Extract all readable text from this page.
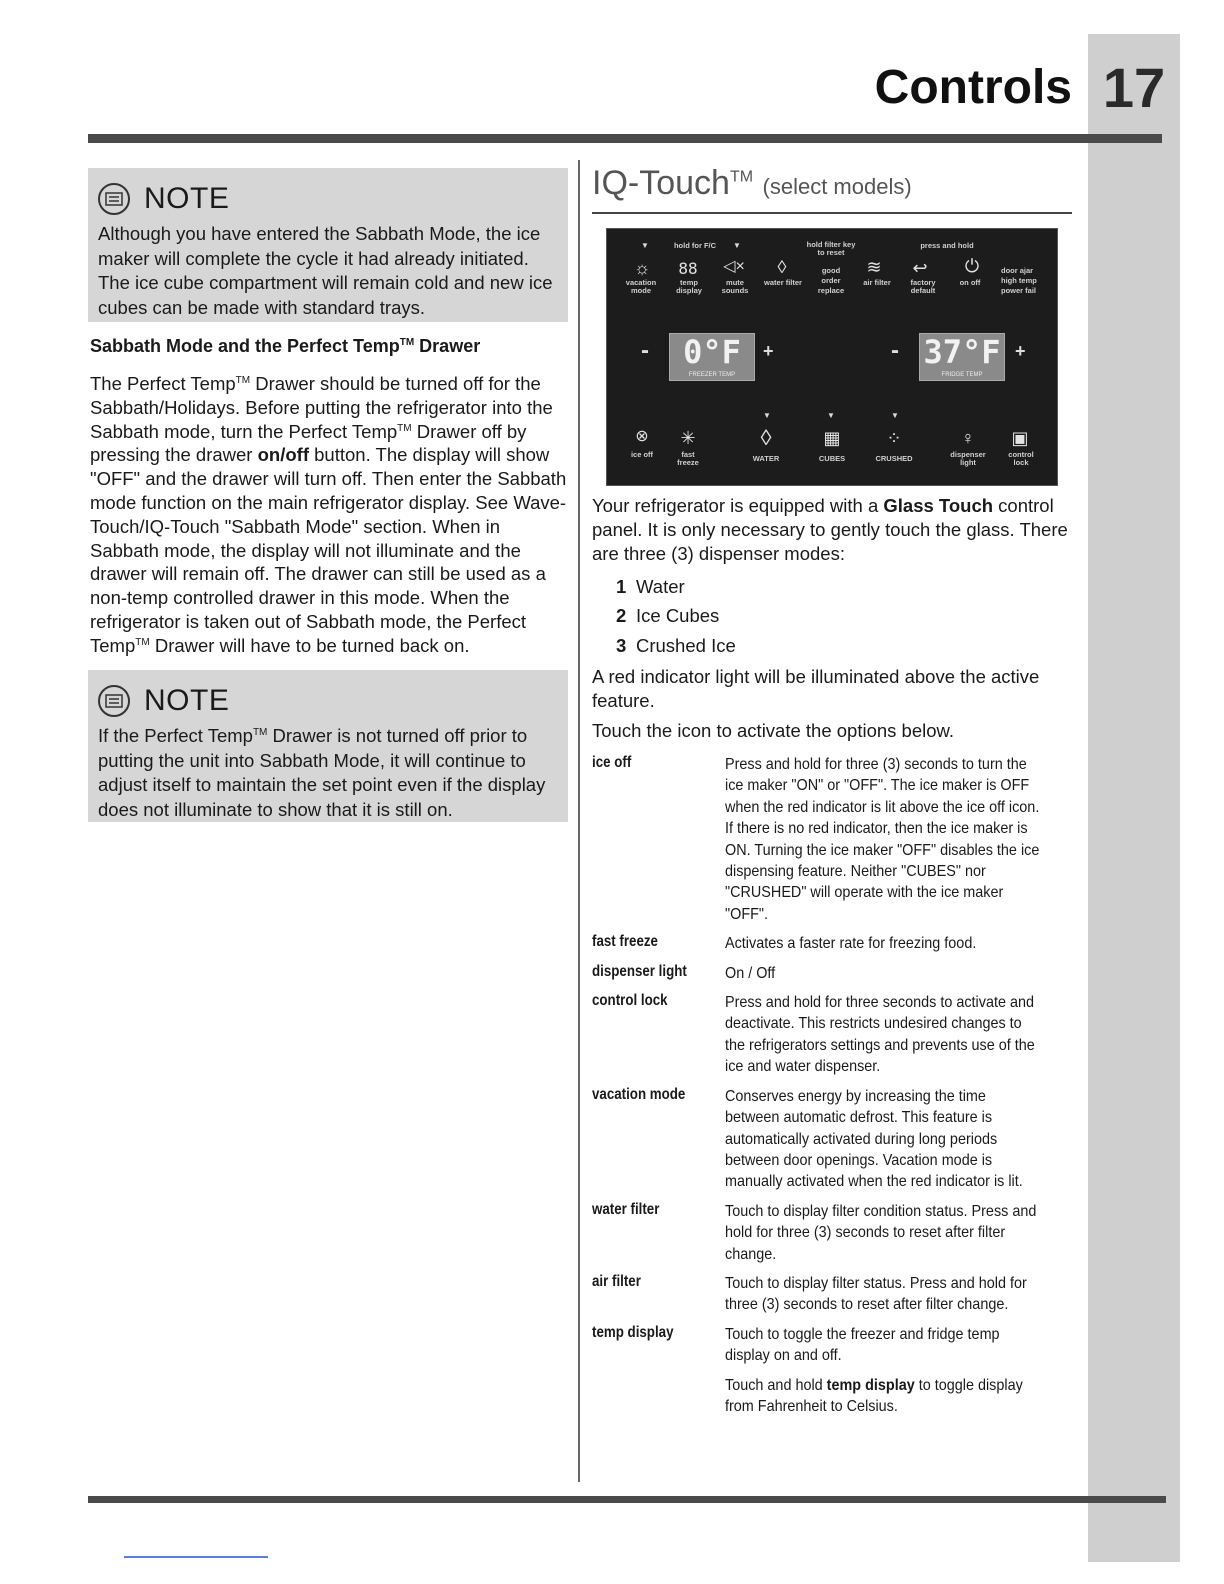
17
Controls
NOTE
Although you have entered the Sabbath Mode, the ice maker will complete the cycle it had already initiated. The ice cube compartment will remain cold and new ice cubes can be made with standard trays.
Sabbath Mode and the Perfect Temp™ Drawer
The Perfect Temp™ Drawer should be turned off for the Sabbath/Holidays. Before putting the refrigerator into the Sabbath mode, turn the Perfect Temp™ Drawer off by pressing the drawer on/off button. The display will show "OFF" and the drawer will turn off. Then enter the Sabbath mode function on the main refrigerator display. See Wave-Touch/IQ-Touch "Sabbath Mode" section. When in Sabbath mode, the display will not illuminate and the drawer will remain off. The drawer can still be used as a non-temp controlled drawer in this mode. When the refrigerator is taken out of Sabbath mode, the Perfect Temp™ Drawer will have to be turned back on.
NOTE
If the Perfect Temp™ Drawer is not turned off prior to putting the unit into Sabbath Mode, it will continue to adjust itself to maintain the set point even if the display does not illuminate to show that it is still on.
IQ-Touch™ (select models)
▼	hold for F/C	▼	hold filter key to reset
press and hold
☼	88	◁×	◊	≋	↩	⏻
vacation mode
temp display
mute sounds
water filter	air filter	factory default
on off
good
order
replace
door ajar
high temp
power fail
-	0°F
FREEZER TEMP
+	- 37°F
FRIDGE TEMP
+
▼	▼	▼
⊗	✳	◊	▦	⁘	♀	▣
ice off	fast freeze	WATER	CUBES	CRUSHED	dispenser light
control lock

Your refrigerator is equipped with a Glass Touch control panel. It is only necessary to gently touch the glass. There are three (3) dispenser modes:

1 Water
2 Ice Cubes
3 Crushed Ice

A red indicator light will be illuminated above the active feature.

Touch the icon to activate the options below.

ice off	Press and hold for three (3) seconds to turn the ice maker "ON" or "OFF". The ice maker is OFF when the red indicator is lit above the ice off icon. If there is no red indicator, then the ice maker is ON. Turning the ice maker "OFF" disables the ice dispensing feature. Neither "CUBES" nor "CRUSHED" will operate with the ice maker "OFF".
fast freeze	Activates a faster rate for freezing food.
dispenser light	On / Off
control lock	Press and hold for three seconds to activate and deactivate. This restricts undesired changes to the refrigerators settings and prevents use of the ice and water dispenser.
vacation mode	Conserves energy by increasing the time between automatic defrost. This feature is automatically activated during long periods between door openings. Vacation mode is manually activated when the red indicator is lit.
water filter	Touch to display filter condition status. Press and hold for three (3) seconds to reset after filter change.
air filter	Touch to display filter status. Press and hold for three (3) seconds to reset after filter change.
temp display	Touch to toggle the freezer and fridge temp display on and off.
Touch and hold temp display to toggle display from Fahrenheit to Celsius.
